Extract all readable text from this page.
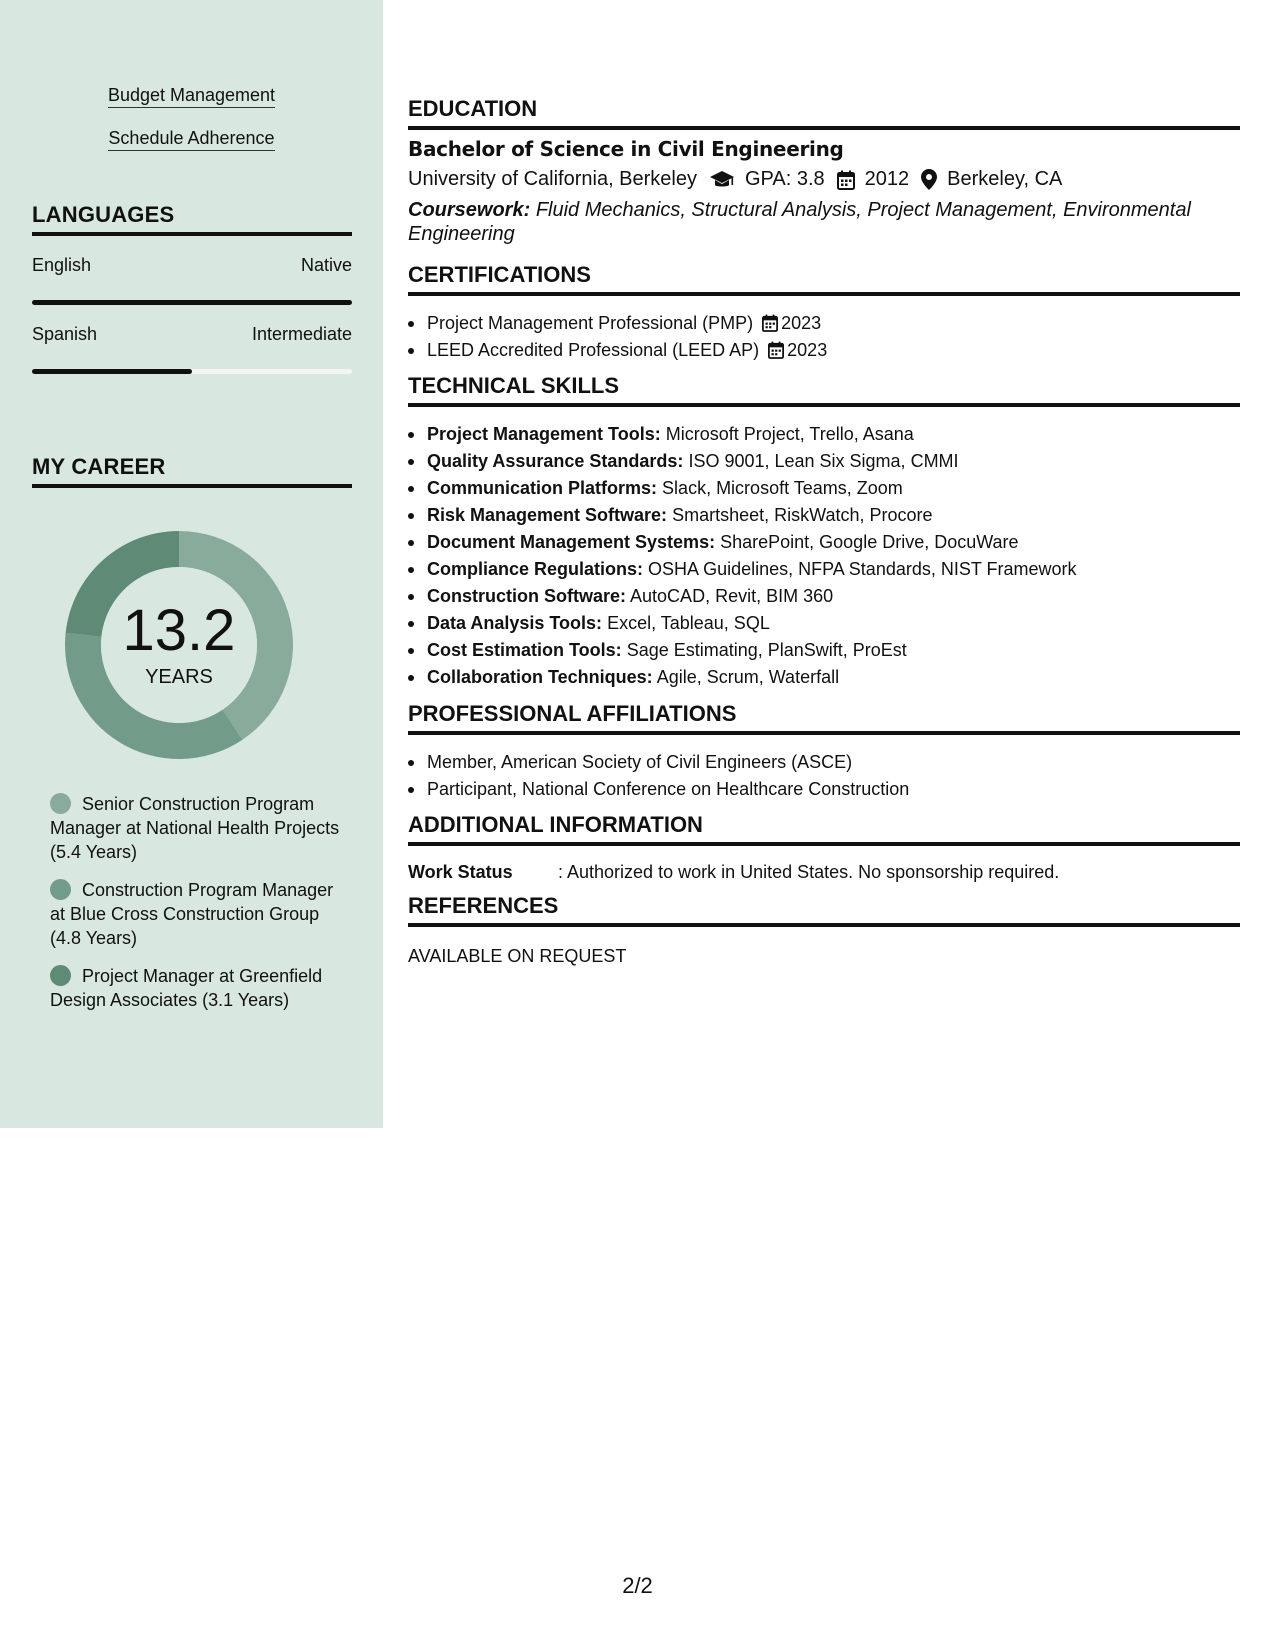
Budget Management
Schedule Adherence
LANGUAGES
English	Native
Spanish	Intermediate
MY CAREER
13.2
YEARS
Senior Construction Program Manager at National Health Projects (5.4 Years)
Construction Program Manager at Blue Cross Construction Group (4.8 Years)
Project Manager at Greenfield Design Associates (3.1 Years)
EDUCATION
Bachelor of Science in Civil Engineering
University of California, Berkeley GPA: 3.8 2012 Berkeley, CA
Coursework: Fluid Mechanics, Structural Analysis, Project Management, Environmental Engineering
CERTIFICATIONS
Project Management Professional (PMP) 2023
LEED Accredited Professional (LEED AP) 2023
TECHNICAL SKILLS
Project Management Tools: Microsoft Project, Trello, Asana
Quality Assurance Standards: ISO 9001, Lean Six Sigma, CMMI
Communication Platforms: Slack, Microsoft Teams, Zoom
Risk Management Software: Smartsheet, RiskWatch, Procore
Document Management Systems: SharePoint, Google Drive, DocuWare
Compliance Regulations: OSHA Guidelines, NFPA Standards, NIST Framework
Construction Software: AutoCAD, Revit, BIM 360
Data Analysis Tools: Excel, Tableau, SQL
Cost Estimation Tools: Sage Estimating, PlanSwift, ProEst
Collaboration Techniques: Agile, Scrum, Waterfall
PROFESSIONAL AFFILIATIONS
Member, American Society of Civil Engineers (ASCE)
Participant, National Conference on Healthcare Construction
ADDITIONAL INFORMATION
Work Status	: Authorized to work in United States. No sponsorship required.
REFERENCES
AVAILABLE ON REQUEST
2/2
